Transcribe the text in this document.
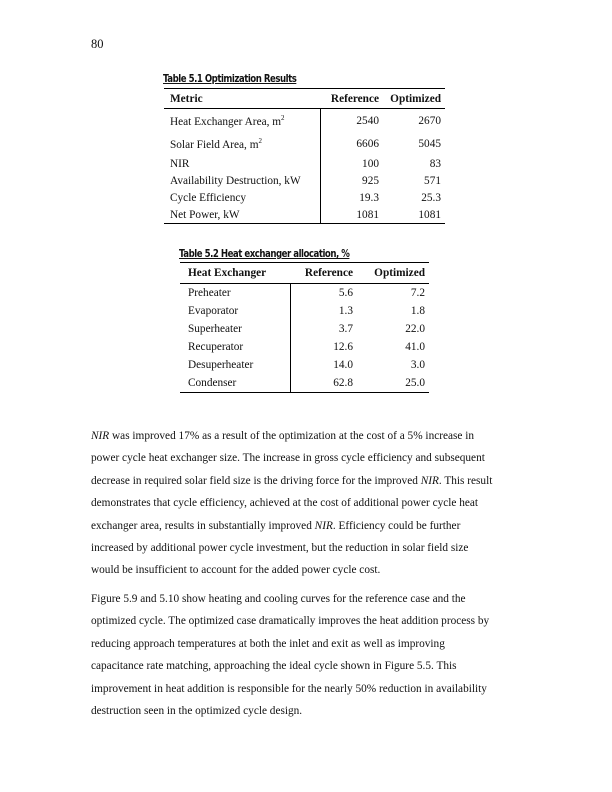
80
Table 5.1 Optimization Results
Metric	Reference	Optimized
Heat Exchanger Area, $m^2$	2540	2670
Solar Field Area, $m^2$	6606	5045
NIR	100	83
Availability Destruction, kW	925	571
Cycle Efficiency	19.3	25.3
Net Power, kW	1081	1081
Table 5.2 Heat exchanger allocation, %
Heat Exchanger	Reference	Optimized
Preheater	5.6	7.2
Evaporator	1.3	1.8
Superheater	3.7	22.0
Recuperator	12.6	41.0
Desuperheater	14.0	3.0
Condenser	62.8	25.0
NIR was improved 17% as a result of the optimization at the cost of a 5% increase in
power cycle heat exchanger size. The increase in gross cycle efficiency and subsequent
decrease in required solar field size is the driving force for the improved NIR. This result
demonstrates that cycle efficiency, achieved at the cost of additional power cycle heat
exchanger area, results in substantially improved NIR. Efficiency could be further
increased by additional power cycle investment, but the reduction in solar field size
would be insufficient to account for the added power cycle cost.
Figure 5.9 and 5.10 show heating and cooling curves for the reference case and the
optimized cycle. The optimized case dramatically improves the heat addition process by
reducing approach temperatures at both the inlet and exit as well as improving
capacitance rate matching, approaching the ideal cycle shown in Figure 5.5. This
improvement in heat addition is responsible for the nearly 50% reduction in availability
destruction seen in the optimized cycle design.
